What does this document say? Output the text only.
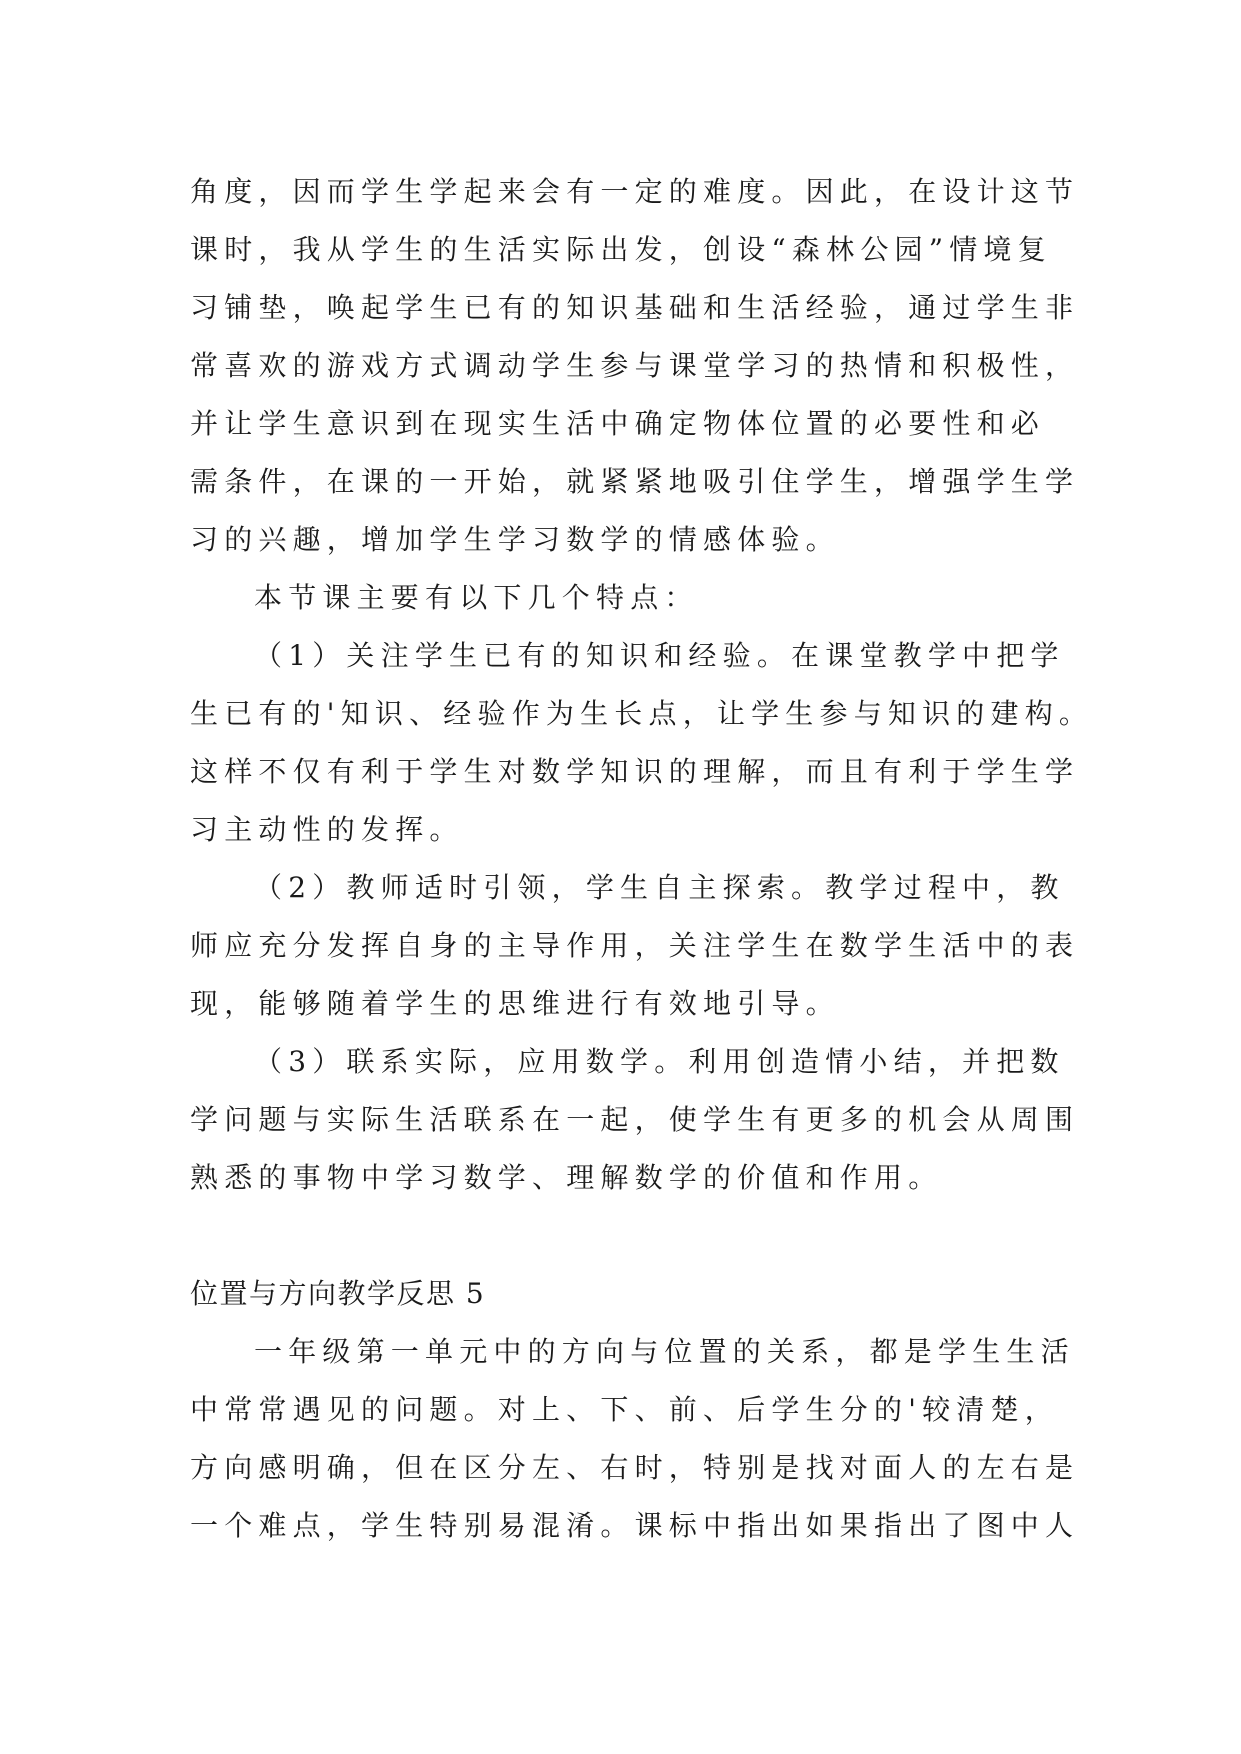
角度，因而学生学起来会有一定的难度。因此，在设计这节
课时，我从学生的生活实际出发，创设“森林公园”情境复
习铺垫，唤起学生已有的知识基础和生活经验，通过学生非
常喜欢的游戏方式调动学生参与课堂学习的热情和积极性，
并让学生意识到在现实生活中确定物体位置的必要性和必
需条件，在课的一开始，就紧紧地吸引住学生，增强学生学
习的兴趣，增加学生学习数学的情感体验。
本节课主要有以下几个特点：
（1）关注学生已有的知识和经验。在课堂教学中把学
生已有的'知识、经验作为生长点，让学生参与知识的建构。
这样不仅有利于学生对数学知识的理解，而且有利于学生学
习主动性的发挥。
（2）教师适时引领，学生自主探索。教学过程中，教
师应充分发挥自身的主导作用，关注学生在数学生活中的表
现，能够随着学生的思维进行有效地引导。
（3）联系实际，应用数学。利用创造情小结，并把数
学问题与实际生活联系在一起，使学生有更多的机会从周围
熟悉的事物中学习数学、理解数学的价值和作用。
位置与方向教学反思 5
一年级第一单元中的方向与位置的关系，都是学生生活
中常常遇见的问题。对上、下、前、后学生分的'较清楚，
方向感明确，但在区分左、右时，特别是找对面人的左右是
一个难点，学生特别易混淆。课标中指出如果指出了图中人
